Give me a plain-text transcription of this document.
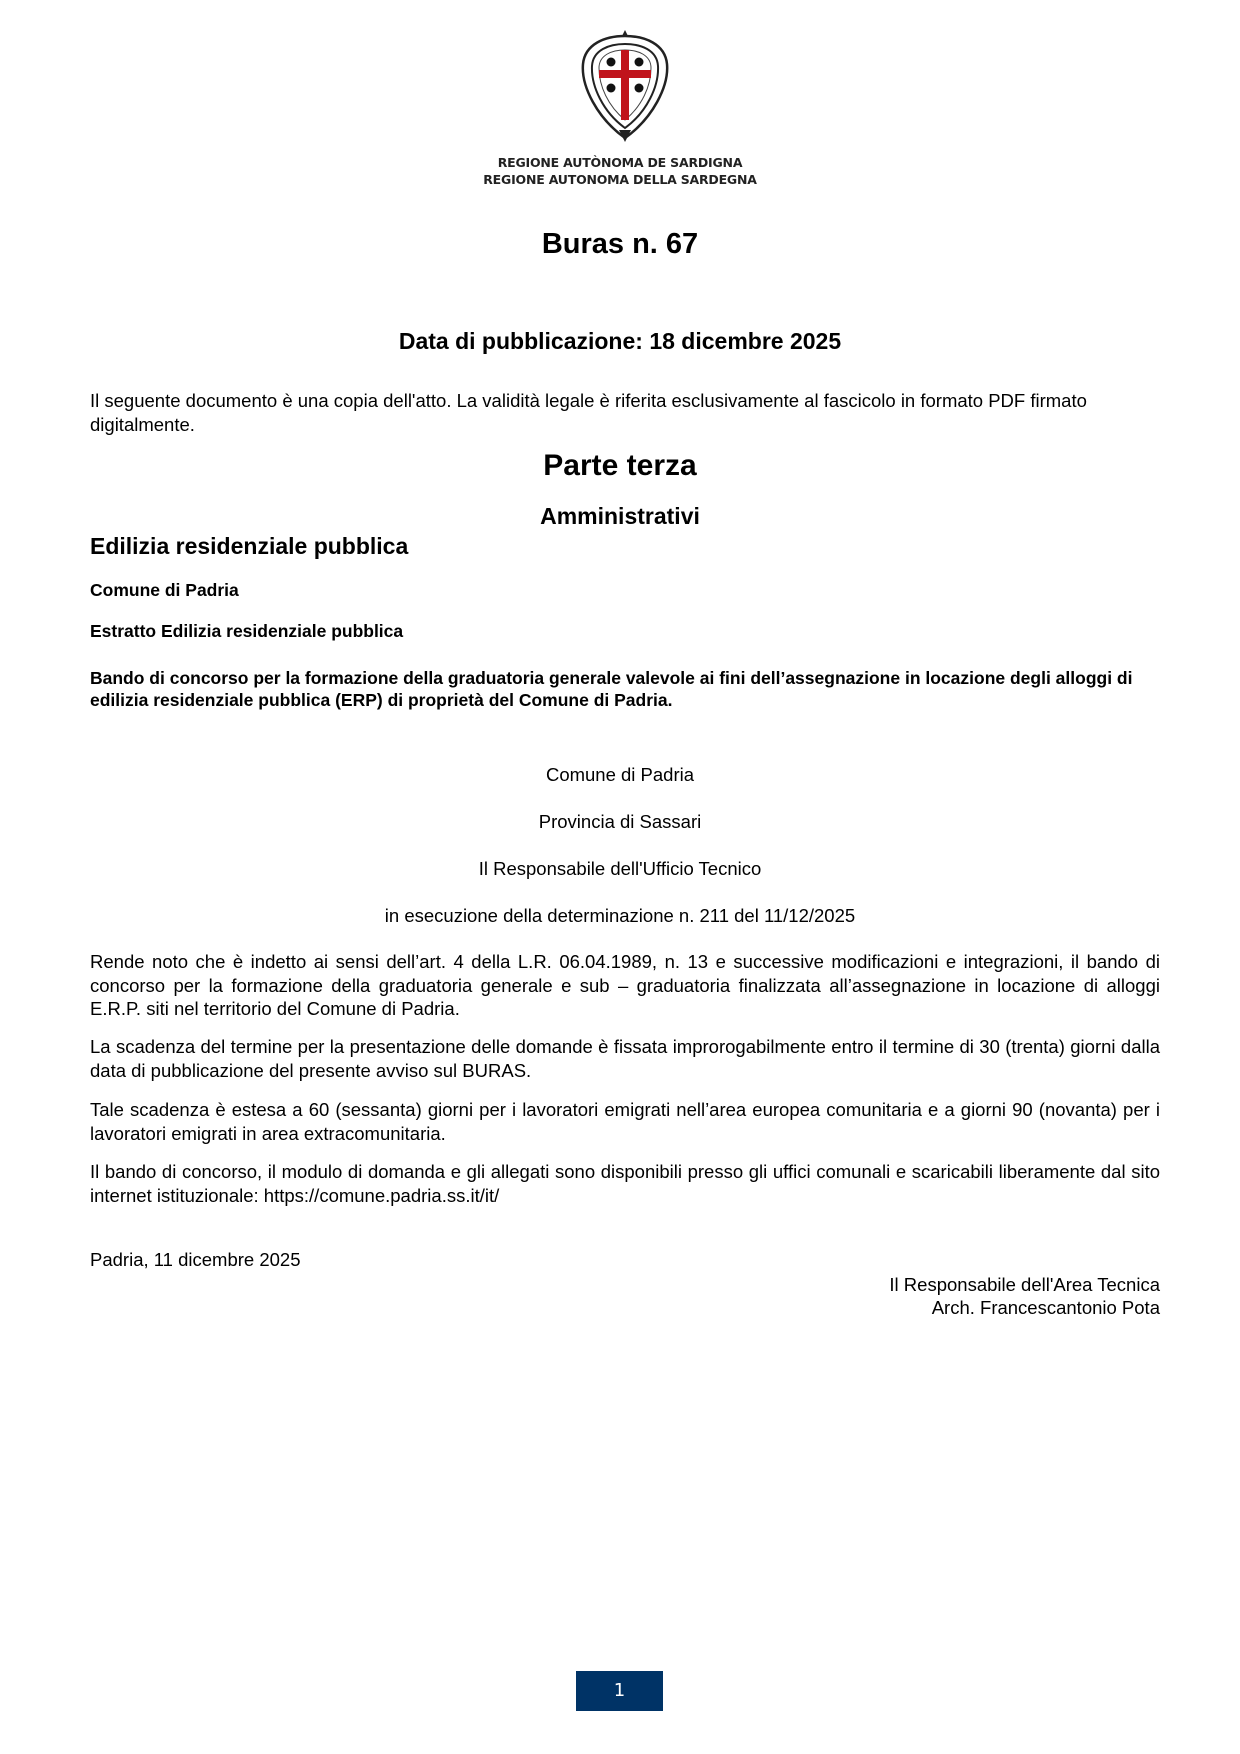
REGIONE AUTÒNOMA DE SARDIGNA
REGIONE AUTONOMA DELLA SARDEGNA
Buras n. 67
Data di pubblicazione: 18 dicembre 2025
Il seguente documento è una copia dell'atto. La validità legale è riferita esclusivamente al fascicolo in formato PDF firmato digitalmente.
Parte terza
Amministrativi
Edilizia residenziale pubblica
Comune di Padria
Estratto Edilizia residenziale pubblica
Bando di concorso per la formazione della graduatoria generale valevole ai fini dell’assegnazione in locazione degli alloggi di edilizia residenziale pubblica (ERP) di proprietà del Comune di Padria.
Comune di Padria
Provincia di Sassari
Il Responsabile dell'Ufficio Tecnico
in esecuzione della determinazione n. 211 del 11/12/2025
Rende noto che è indetto ai sensi dell’art. 4 della L.R. 06.04.1989, n. 13 e successive modificazioni e integrazioni, il bando di concorso per la formazione della graduatoria generale e sub – graduatoria finalizzata all’assegnazione in locazione di alloggi E.R.P. siti nel territorio del Comune di Padria.
La scadenza del termine per la presentazione delle domande è fissata improrogabilmente entro il termine di 30 (trenta) giorni dalla data di pubblicazione del presente avviso sul BURAS.
Tale scadenza è estesa a 60 (sessanta) giorni per i lavoratori emigrati nell’area europea comunitaria e a giorni 90 (novanta) per i lavoratori emigrati in area extracomunitaria.
Il bando di concorso, il modulo di domanda e gli allegati sono disponibili presso gli uffici comunali e scaricabili liberamente dal sito internet istituzionale: https://comune.padria.ss.it/it/
Padria, 11 dicembre 2025
Il Responsabile dell'Area Tecnica
Arch. Francescantonio Pota
1
